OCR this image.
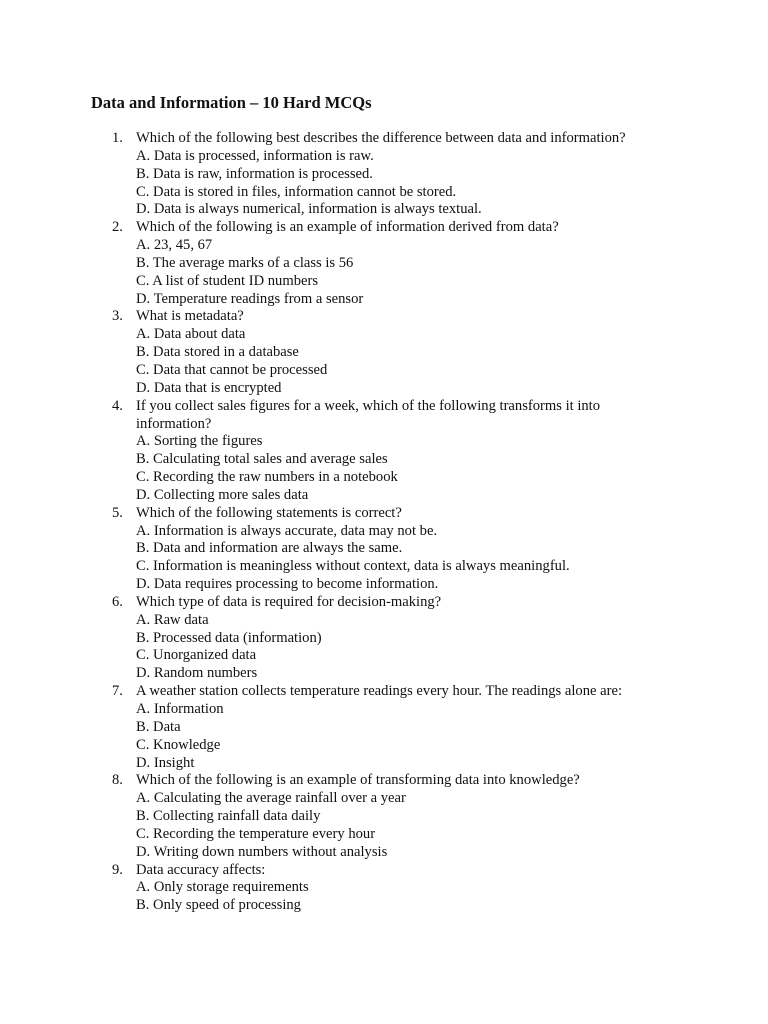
Data and Information – 10 Hard MCQs
1. Which of the following best describes the difference between data and information?
A. Data is processed, information is raw.
B. Data is raw, information is processed.
C. Data is stored in files, information cannot be stored.
D. Data is always numerical, information is always textual.
2. Which of the following is an example of information derived from data?
A. 23, 45, 67
B. The average marks of a class is 56
C. A list of student ID numbers
D. Temperature readings from a sensor
3. What is metadata?
A. Data about data
B. Data stored in a database
C. Data that cannot be processed
D. Data that is encrypted
4. If you collect sales figures for a week, which of the following transforms it into information?
A. Sorting the figures
B. Calculating total sales and average sales
C. Recording the raw numbers in a notebook
D. Collecting more sales data
5. Which of the following statements is correct?
A. Information is always accurate, data may not be.
B. Data and information are always the same.
C. Information is meaningless without context, data is always meaningful.
D. Data requires processing to become information.
6. Which type of data is required for decision-making?
A. Raw data
B. Processed data (information)
C. Unorganized data
D. Random numbers
7. A weather station collects temperature readings every hour. The readings alone are:
A. Information
B. Data
C. Knowledge
D. Insight
8. Which of the following is an example of transforming data into knowledge?
A. Calculating the average rainfall over a year
B. Collecting rainfall data daily
C. Recording the temperature every hour
D. Writing down numbers without analysis
9. Data accuracy affects:
A. Only storage requirements
B. Only speed of processing
